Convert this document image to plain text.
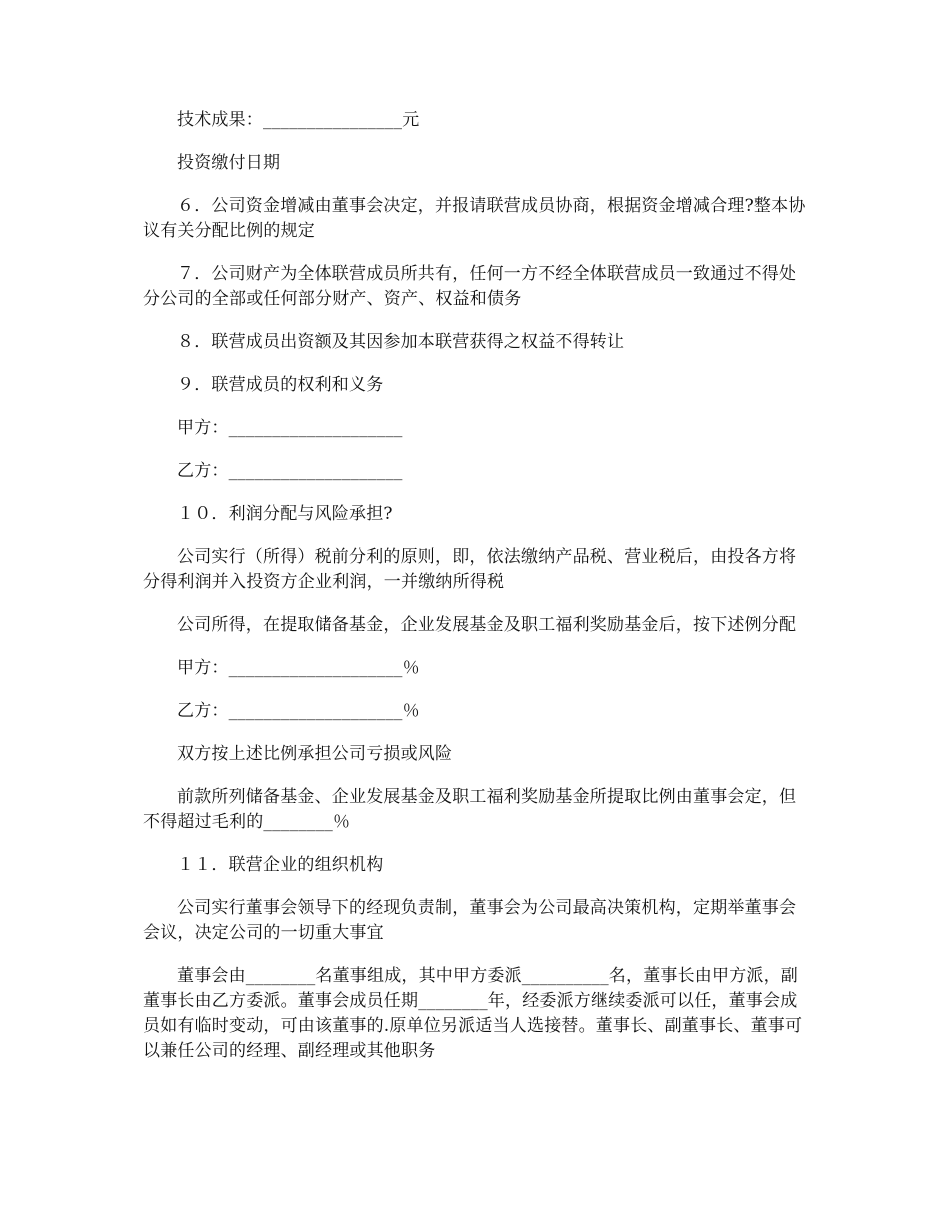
技术成果：________________元

投资缴付日期

６．公司资金增减由董事会决定，并报请联营成员协商，根据资金增减合理?整本协议有关分配比例的规定

７．公司财产为全体联营成员所共有，任何一方不经全体联营成员一致通过不得处分公司的全部或任何部分财产、资产、权益和债务

８．联营成员出资额及其因参加本联营获得之权益不得转让

９．联营成员的权利和义务

甲方：____________________

乙方：____________________

１０．利润分配与风险承担?

公司实行（所得）税前分利的原则，即，依法缴纳产品税、营业税后，由投各方将分得利润并入投资方企业利润，一并缴纳所得税

公司所得，在提取储备基金，企业发展基金及职工福利奖励基金后，按下述例分配

甲方：____________________％

乙方：____________________％

双方按上述比例承担公司亏损或风险

前款所列储备基金、企业发展基金及职工福利奖励基金所提取比例由董事会定，但不得超过毛利的________％

１１．联营企业的组织机构

公司实行董事会领导下的经现负责制，董事会为公司最高决策机构，定期举董事会会议，决定公司的一切重大事宜

董事会由________名董事组成，其中甲方委派__________名，董事长由甲方派，副董事长由乙方委派。董事会成员任期________年，经委派方继续委派可以任，董事会成员如有临时变动，可由该董事的.原单位另派适当人选接替。董事长、副董事长、董事可以兼任公司的经理、副经理或其他职务
